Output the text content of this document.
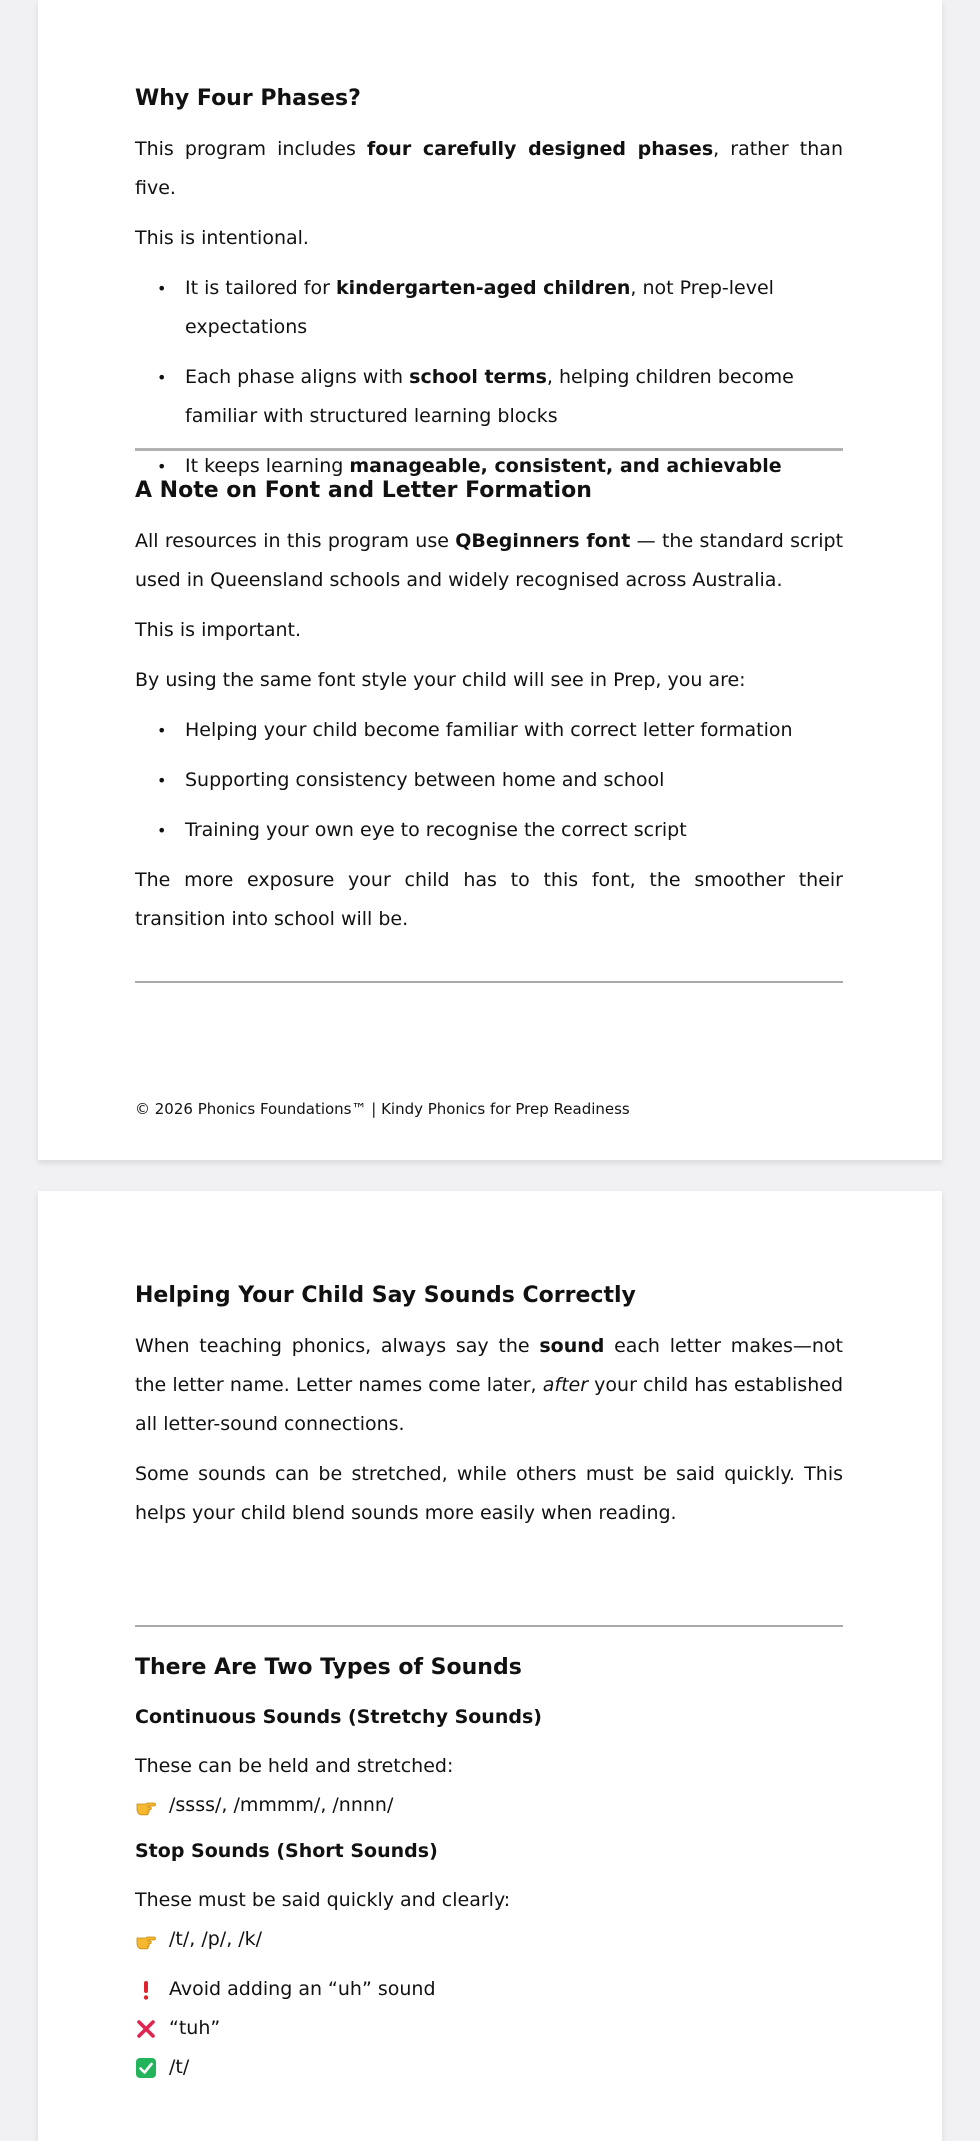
Why Four Phases?

This program includes four carefully designed phases, rather than five.

This is intentional.

• It is tailored for kindergarten-aged children, not Prep-level expectations
• Each phase aligns with school terms, helping children become familiar with structured learning blocks
• It keeps learning manageable, consistent, and achievable
A Note on Font and Letter Formation

All resources in this program use QBeginners font — the standard script used in Queensland schools and widely recognised across Australia.

This is important.

By using the same font style your child will see in Prep, you are:

• Helping your child become familiar with correct letter formation
• Supporting consistency between home and school
• Training your own eye to recognise the correct script

The more exposure your child has to this font, the smoother their transition into school will be.

© 2026 Phonics Foundations™ | Kindy Phonics for Prep Readiness
Helping Your Child Say Sounds Correctly

When teaching phonics, always say the sound each letter makes—not the letter name. Letter names come later, after your child has established all letter-sound connections.

Some sounds can be stretched, while others must be said quickly. This helps your child blend sounds more easily when reading.

There Are Two Types of Sounds
Continuous Sounds (Stretchy Sounds)

These can be held and stretched:

/ssss/, /mmmm/, /nnnn/
Stop Sounds (Short Sounds)

These must be said quickly and clearly:

/t/, /p/, /k/
Avoid adding an “uh” sound
“tuh”
/t/
